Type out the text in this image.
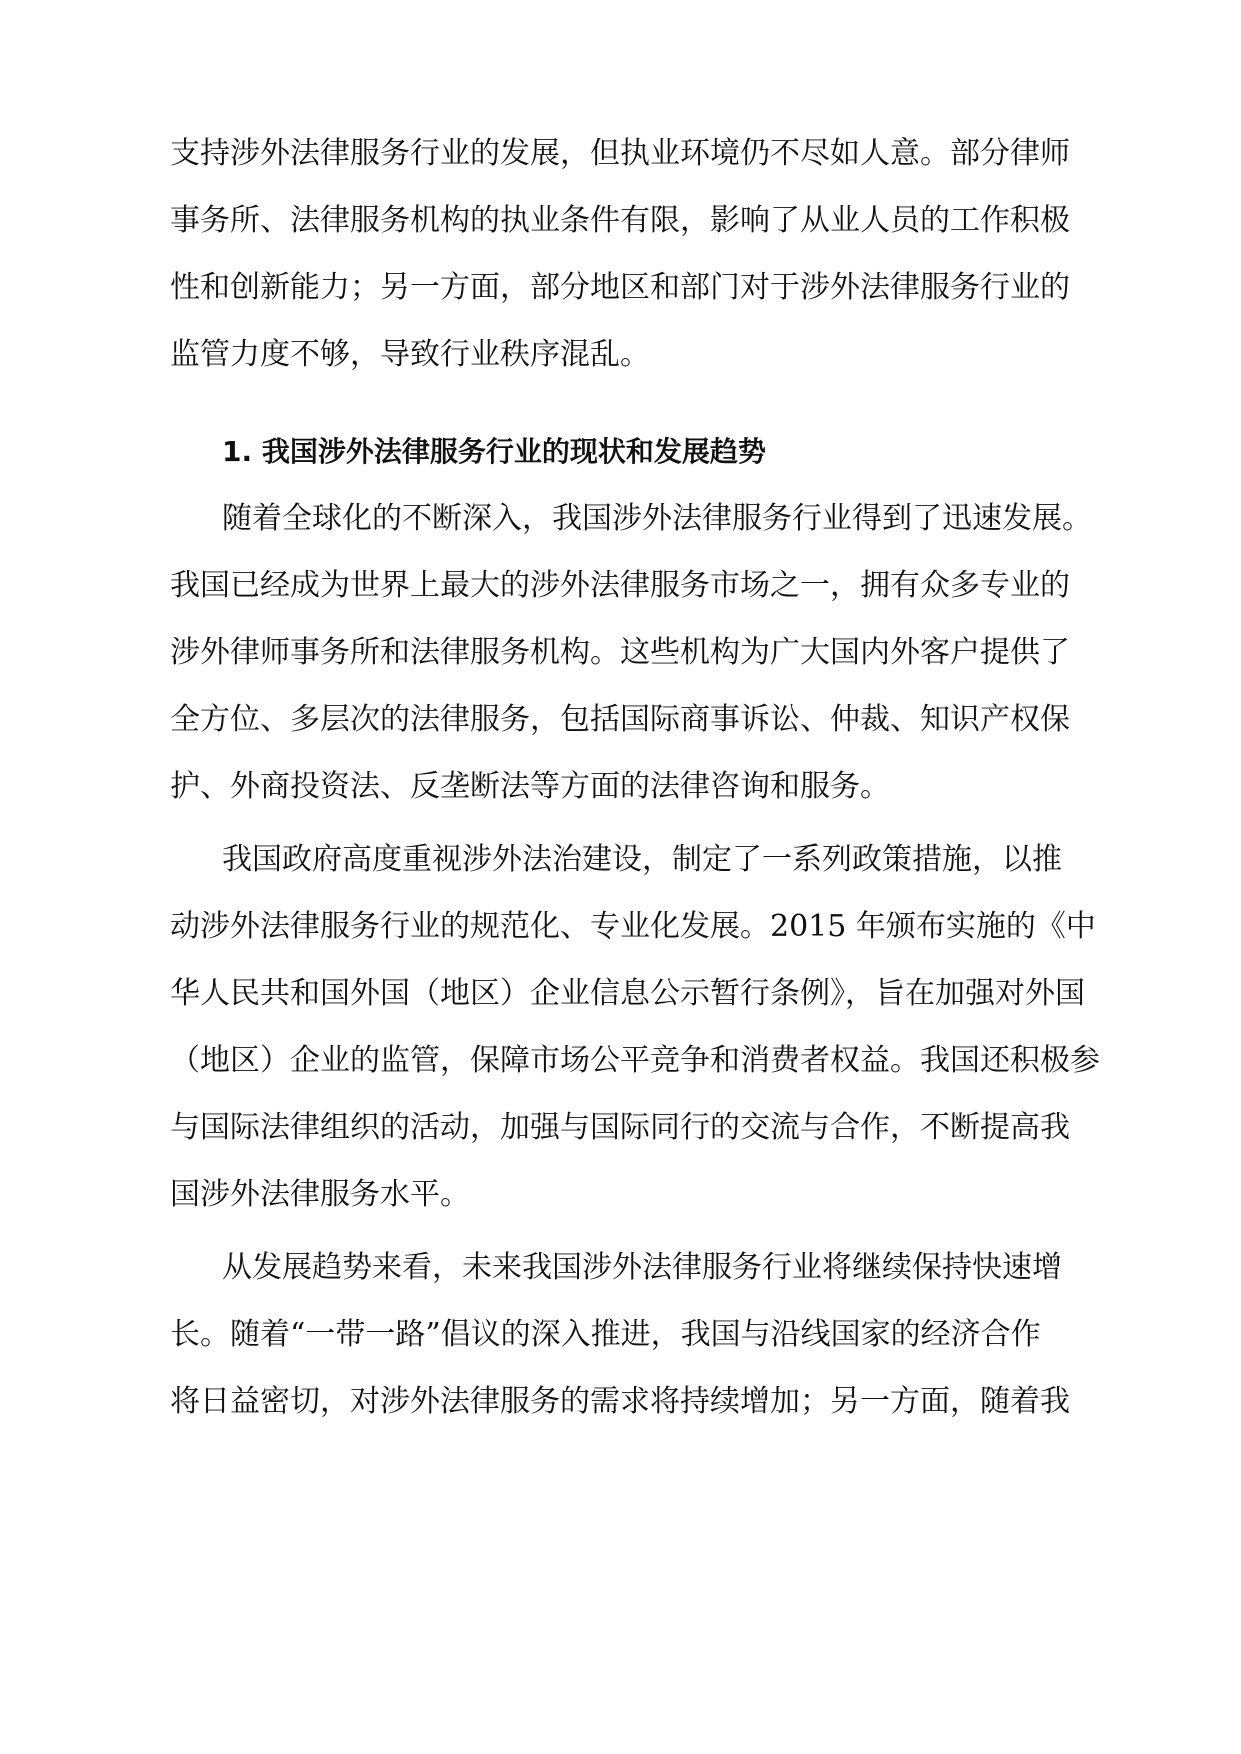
支持涉外法律服务行业的发展，但执业环境仍不尽如人意。部分律师
事务所、法律服务机构的执业条件有限，影响了从业人员的工作积极
性和创新能力；另一方面，部分地区和部门对于涉外法律服务行业的
监管力度不够，导致行业秩序混乱。
1. 我国涉外法律服务行业的现状和发展趋势
随着全球化的不断深入，我国涉外法律服务行业得到了迅速发展。
我国已经成为世界上最大的涉外法律服务市场之一，拥有众多专业的
涉外律师事务所和法律服务机构。这些机构为广大国内外客户提供了
全方位、多层次的法律服务，包括国际商事诉讼、仲裁、知识产权保
护、外商投资法、反垄断法等方面的法律咨询和服务。
我国政府高度重视涉外法治建设，制定了一系列政策措施，以推
动涉外法律服务行业的规范化、专业化发展。2015 年颁布实施的《中
华人民共和国外国（地区）企业信息公示暂行条例》，旨在加强对外国
（地区）企业的监管，保障市场公平竞争和消费者权益。我国还积极参
与国际法律组织的活动，加强与国际同行的交流与合作，不断提高我
国涉外法律服务水平。
从发展趋势来看，未来我国涉外法律服务行业将继续保持快速增
长。随着“一带一路”倡议的深入推进，我国与沿线国家的经济合作
将日益密切，对涉外法律服务的需求将持续增加；另一方面，随着我
